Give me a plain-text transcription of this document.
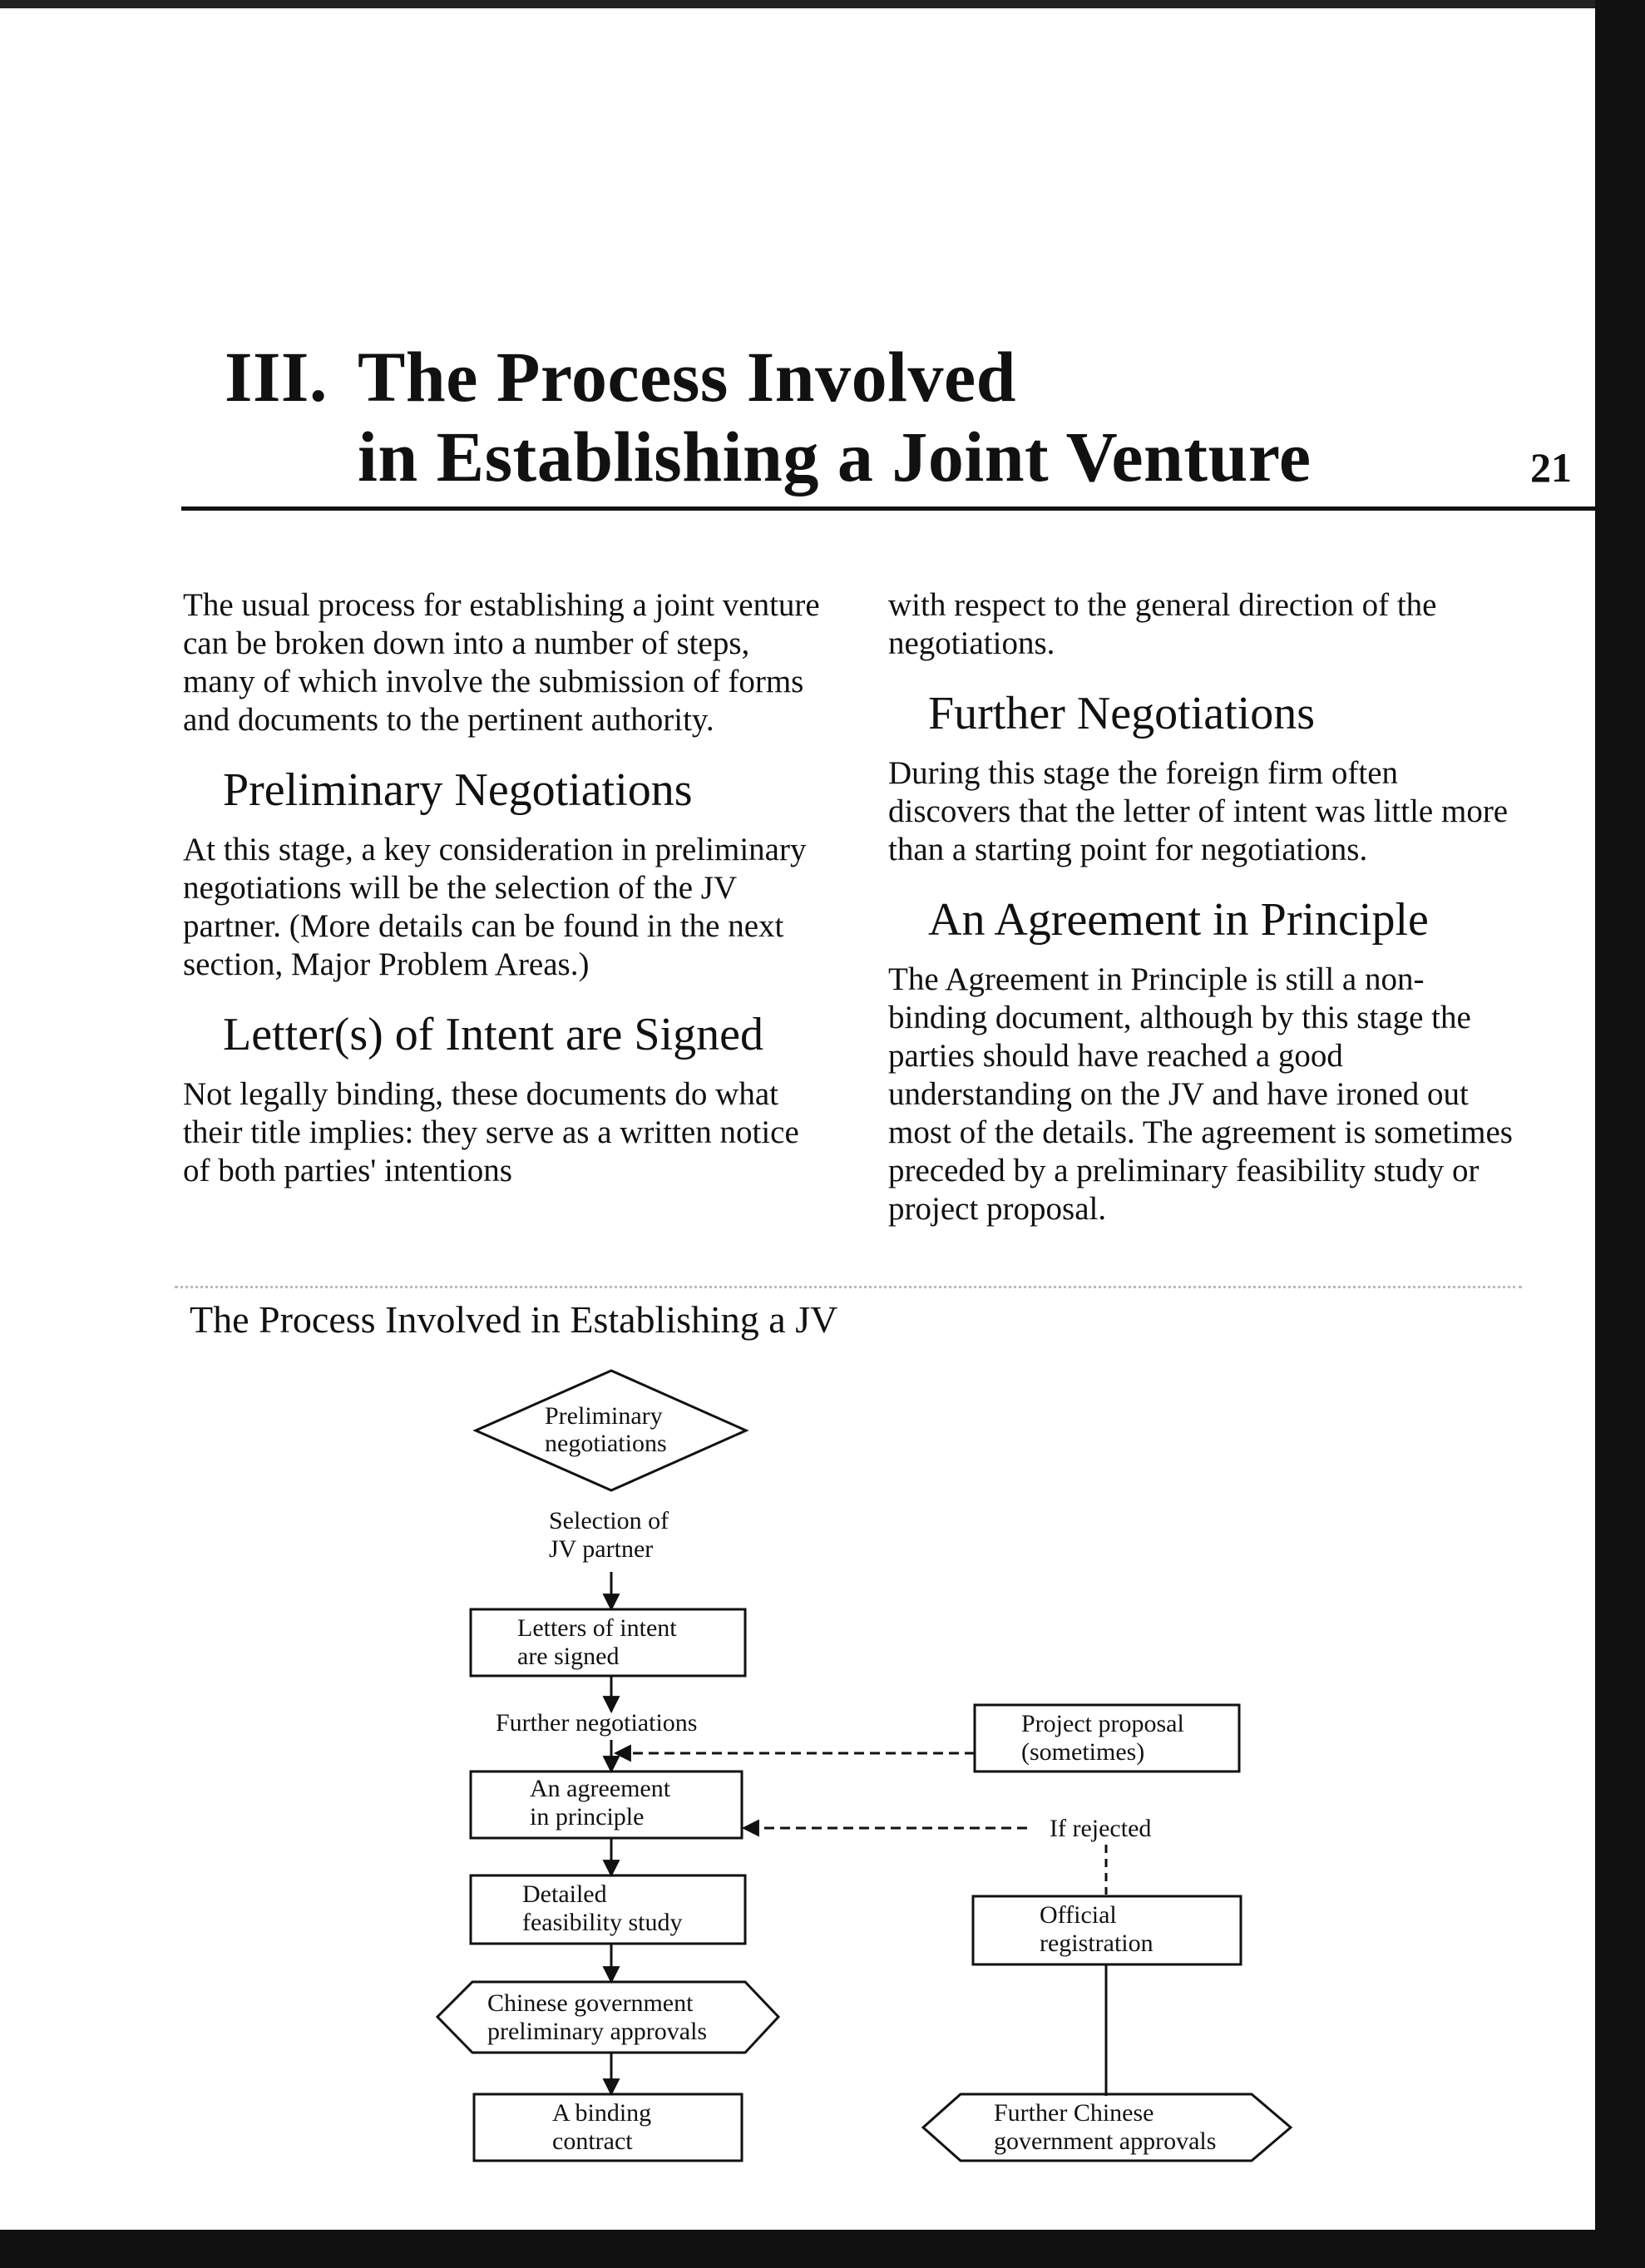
III. The Process Involved
in Establishing a Joint Venture	21

The usual process for establishing a joint venture can be broken down into a number of steps, many of which involve the submission of forms and documents to the pertinent authority.

Preliminary Negotiations

At this stage, a key consideration in preliminary negotiations will be the selection of the JV partner. (More details can be found in the next section, Major Problem Areas.)

Letter(s) of Intent are Signed

Not legally binding, these documents do what their title implies: they serve as a written notice of both parties' intentions

with respect to the general direction of the negotiations.

Further Negotiations

During this stage the foreign firm often discovers that the letter of intent was little more than a starting point for negotiations.

An Agreement in Principle

The Agreement in Principle is still a non-binding document, although by this stage the parties should have reached a good understanding on the JV and have ironed out most of the details. The agreement is sometimes preceded by a preliminary feasibility study or project proposal.

The Process Involved in Establishing a JV
Preliminary
negotiations
Selection of
JV partner
Letters of intent
are signed
Further negotiations	Project proposal
(sometimes)
An agreement
in principle	If rejected
Detailed
feasibility study	Official
registration
Chinese government
preliminary approvals
A binding
contract
Further Chinese
government approvals
